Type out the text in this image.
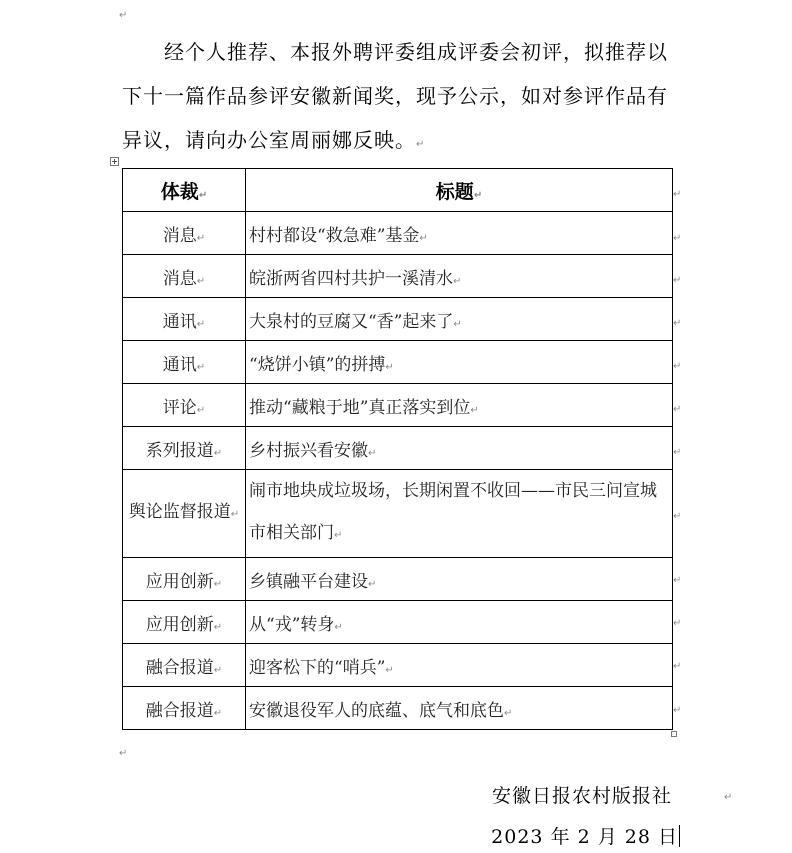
↵

经个人推荐、本报外聘评委组成评委会初评，拟推荐以
下十一篇作品参评安徽新闻奖，现予公示，如对参评作品有
异议，请向办公室周丽娜反映。↵

体裁↵	标题↵
消息↵	村村都设“救急难”基金↵
消息↵	皖浙两省四村共护一溪清水↵
通讯↵	大泉村的豆腐又“香”起来了↵
通讯↵	“烧饼小镇”的拼搏↵
评论↵	推动“藏粮于地”真正落实到位↵
系列报道↵	乡村振兴看安徽↵
舆论监督报道↵	闹市地块成垃圾场，长期闲置不收回——市民三问宣城市相关部门↵
应用创新↵	乡镇融平台建设↵
应用创新↵	从“戎”转身↵
融合报道↵	迎客松下的“哨兵”↵
融合报道↵	安徽退役军人的底蕴、底气和底色↵
↵
↵
↵
↵
↵
↵
↵
↵
↵
↵
↵
↵
↵
安徽日报农村版报社	↵
2023 年 2 月 28 日
